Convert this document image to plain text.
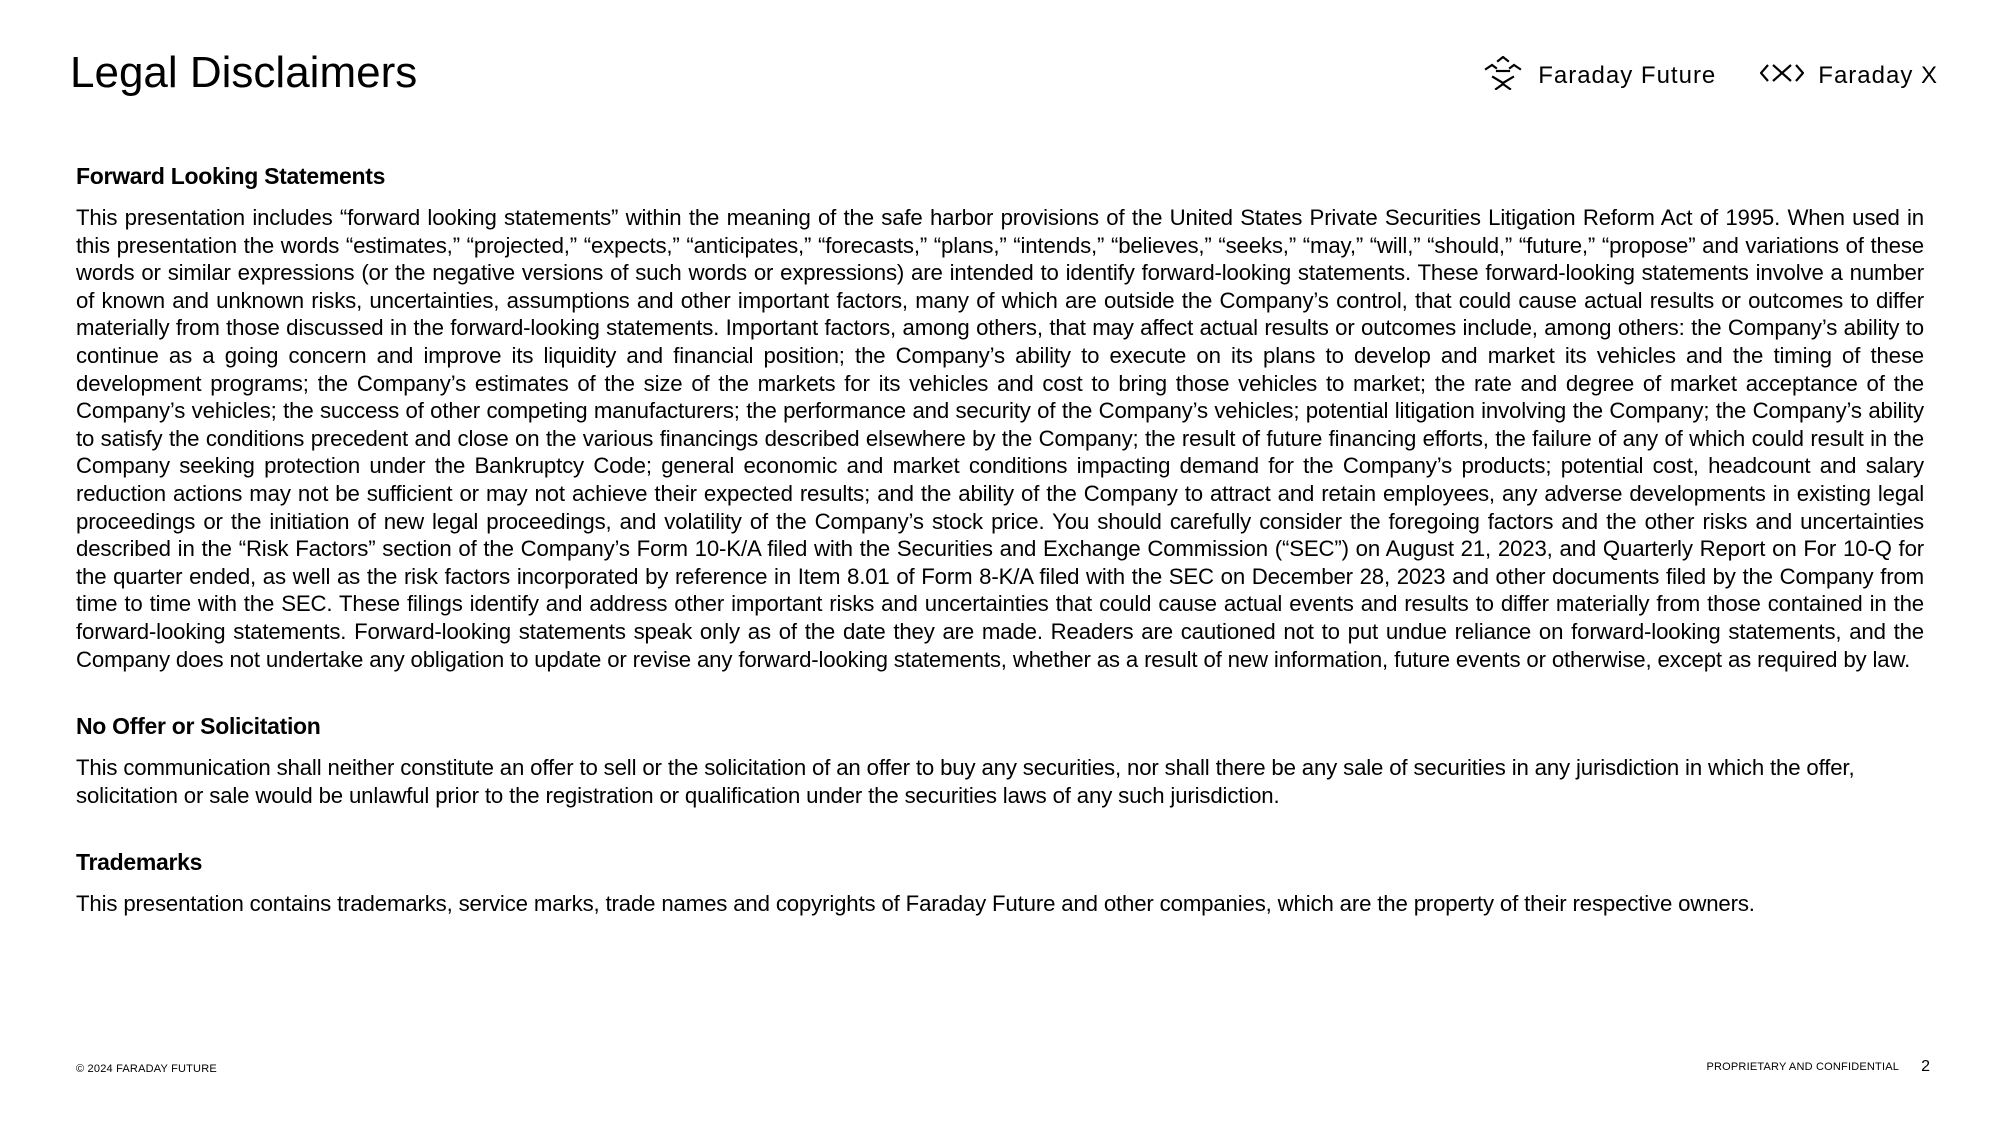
Legal Disclaimers	Faraday Future	Faraday X
Forward Looking Statements

This presentation includes “forward looking statements” within the meaning of the safe harbor provisions of the United States Private Securities Litigation Reform Act of 1995. When used in this presentation the words “estimates,” “projected,” “expects,” “anticipates,” “forecasts,” “plans,” “intends,” “believes,” “seeks,” “may,” “will,” “should,” “future,” “propose” and variations of these words or similar expressions (or the negative versions of such words or expressions) are intended to identify forward-looking statements. These forward-looking statements involve a number of known and unknown risks, uncertainties, assumptions and other important factors, many of which are outside the Company’s control, that could cause actual results or outcomes to differ materially from those discussed in the forward-looking statements. Important factors, among others, that may affect actual results or outcomes include, among others: the Company’s ability to continue as a going concern and improve its liquidity and financial position; the Company’s ability to execute on its plans to develop and market its vehicles and the timing of these development programs; the Company’s estimates of the size of the markets for its vehicles and cost to bring those vehicles to market; the rate and degree of market acceptance of the Company’s vehicles; the success of other competing manufacturers; the performance and security of the Company’s vehicles; potential litigation involving the Company; the Company’s ability to satisfy the conditions precedent and close on the various financings described elsewhere by the Company; the result of future financing efforts, the failure of any of which could result in the Company seeking protection under the Bankruptcy Code; general economic and market conditions impacting demand for the Company’s products; potential cost, headcount and salary reduction actions may not be sufficient or may not achieve their expected results; and the ability of the Company to attract and retain employees, any adverse developments in existing legal proceedings or the initiation of new legal proceedings, and volatility of the Company’s stock price. You should carefully consider the foregoing factors and the other risks and uncertainties described in the “Risk Factors” section of the Company’s Form 10-K/A filed with the Securities and Exchange Commission (“SEC”) on August 21, 2023, and Quarterly Report on For 10-Q for the quarter ended, as well as the risk factors incorporated by reference in Item 8.01 of Form 8-K/A filed with the SEC on December 28, 2023 and other documents filed by the Company from time to time with the SEC. These filings identify and address other important risks and uncertainties that could cause actual events and results to differ materially from those contained in the forward-looking statements. Forward-looking statements speak only as of the date they are made. Readers are cautioned not to put undue reliance on forward-looking statements, and the Company does not undertake any obligation to update or revise any forward-looking statements, whether as a result of new information, future events or otherwise, except as required by law.

No Offer or Solicitation

This communication shall neither constitute an offer to sell or the solicitation of an offer to buy any securities, nor shall there be any sale of securities in any jurisdiction in which the offer, solicitation or sale would be unlawful prior to the registration or qualification under the securities laws of any such jurisdiction.

Trademarks

This presentation contains trademarks, service marks, trade names and copyrights of Faraday Future and other companies, which are the property of their respective owners.

© 2024 FARADAY FUTURE	PROPRIETARY AND CONFIDENTIAL 2
